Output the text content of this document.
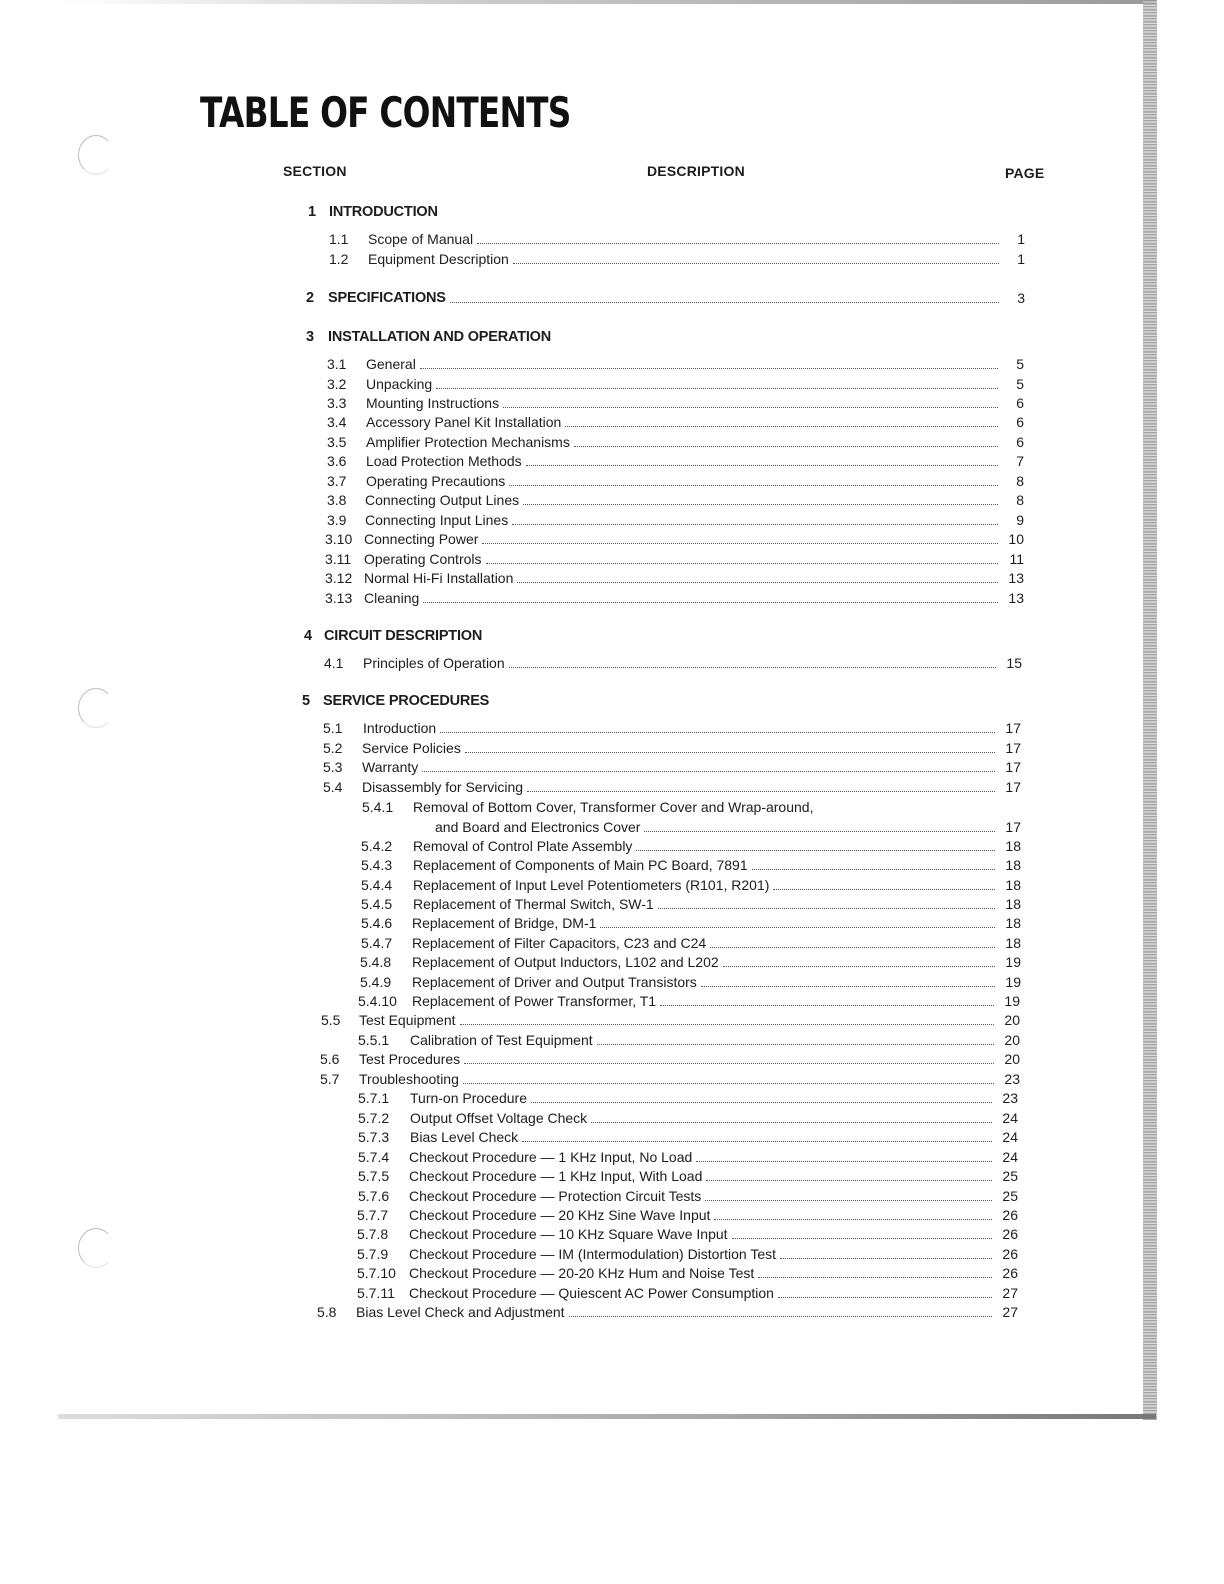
TABLE OF CONTENTS
SECTION	DESCRIPTION	PAGE
1 INTRODUCTION
1.1	Scope of Manual	1
1.2	Equipment Description	1
2 SPECIFICATIONS	3
3 INSTALLATION AND OPERATION
3.1	General	5
3.2	Unpacking	5
3.3	Mounting Instructions	6
3.4	Accessory Panel Kit Installation	6
3.5	Amplifier Protection Mechanisms	6
3.6	Load Protection Methods	7
3.7	Operating Precautions	8
3.8	Connecting Output Lines	8
3.9	Connecting Input Lines	9
3.10 Connecting Power	10
3.11 Operating Controls	11
3.12 Normal Hi-Fi Installation	13
3.13 Cleaning	13
4 CIRCUIT DESCRIPTION
4.1	Principles of Operation	15
5 SERVICE PROCEDURES
5.1	Introduction	17
5.2	Service Policies	17
5.3	Warranty	17
5.4	Disassembly for Servicing	17
5.4.1	Removal of Bottom Cover, Transformer Cover and Wrap-around,
and Board and Electronics Cover	17
5.4.2	Removal of Control Plate Assembly	18
5.4.3	Replacement of Components of Main PC Board, 7891	18
5.4.4	Replacement of Input Level Potentiometers (R101, R201)	18
5.4.5	Replacement of Thermal Switch, SW-1	18
5.4.6	Replacement of Bridge, DM-1	18
5.4.7	Replacement of Filter Capacitors, C23 and C24	18
5.4.8	Replacement of Output Inductors, L102 and L202	19
5.4.9	Replacement of Driver and Output Transistors	19
5.4.10	Replacement of Power Transformer, T1	19
5.5	Test Equipment	20
5.5.1	Calibration of Test Equipment	20
5.6	Test Procedures	20
5.7	Troubleshooting	23
5.7.1	Turn-on Procedure	23
5.7.2	Output Offset Voltage Check	24
5.7.3	Bias Level Check	24
5.7.4	Checkout Procedure — 1 KHz Input, No Load	24
5.7.5	Checkout Procedure — 1 KHz Input, With Load	25
5.7.6	Checkout Procedure — Protection Circuit Tests	25
5.7.7	Checkout Procedure — 20 KHz Sine Wave Input	26
5.7.8	Checkout Procedure — 10 KHz Square Wave Input	26
5.7.9	Checkout Procedure — IM (Intermodulation) Distortion Test	26
5.7.10 Checkout Procedure — 20-20 KHz Hum and Noise Test	26
5.7.11	Checkout Procedure — Quiescent AC Power Consumption	27
5.8	Bias Level Check and Adjustment	27
